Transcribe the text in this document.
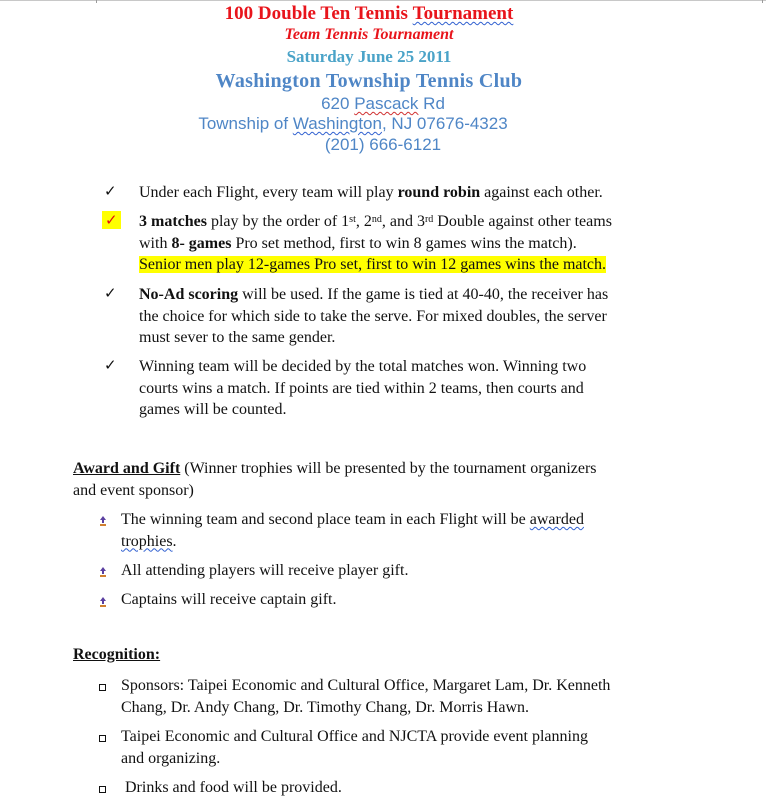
100 Double Ten Tennis Tournament
Team Tennis Tournament
Saturday June 25 2011
Washington Township Tennis Club
620 Pascack Rd
Township of Washington, NJ 07676-4323
(201) 666-6121
✓ Under each Flight, every team will play round robin against each other.
✓ 3 matches play by the order of 1st, 2nd, and 3rd Double against other teams
with 8- games Pro set method, first to win 8 games wins the match).
Senior men play 12-games Pro set, first to win 12 games wins the match.
✓ No-Ad scoring will be used. If the game is tied at 40-40, the receiver has
the choice for which side to take the serve. For mixed doubles, the server
must sever to the same gender.
✓ Winning team will be decided by the total matches won. Winning two
courts wins a match. If points are tied within 2 teams, then courts and
games will be counted.
Award and Gift (Winner trophies will be presented by the tournament organizers
and event sponsor)
The winning team and second place team in each Flight will be awarded
trophies.
All attending players will receive player gift.
Captains will receive captain gift.
Recognition:
Sponsors: Taipei Economic and Cultural Office, Margaret Lam, Dr. Kenneth
Chang, Dr. Andy Chang, Dr. Timothy Chang, Dr. Morris Hawn.
Taipei Economic and Cultural Office and NJCTA provide event planning
and organizing.
Drinks and food will be provided.
